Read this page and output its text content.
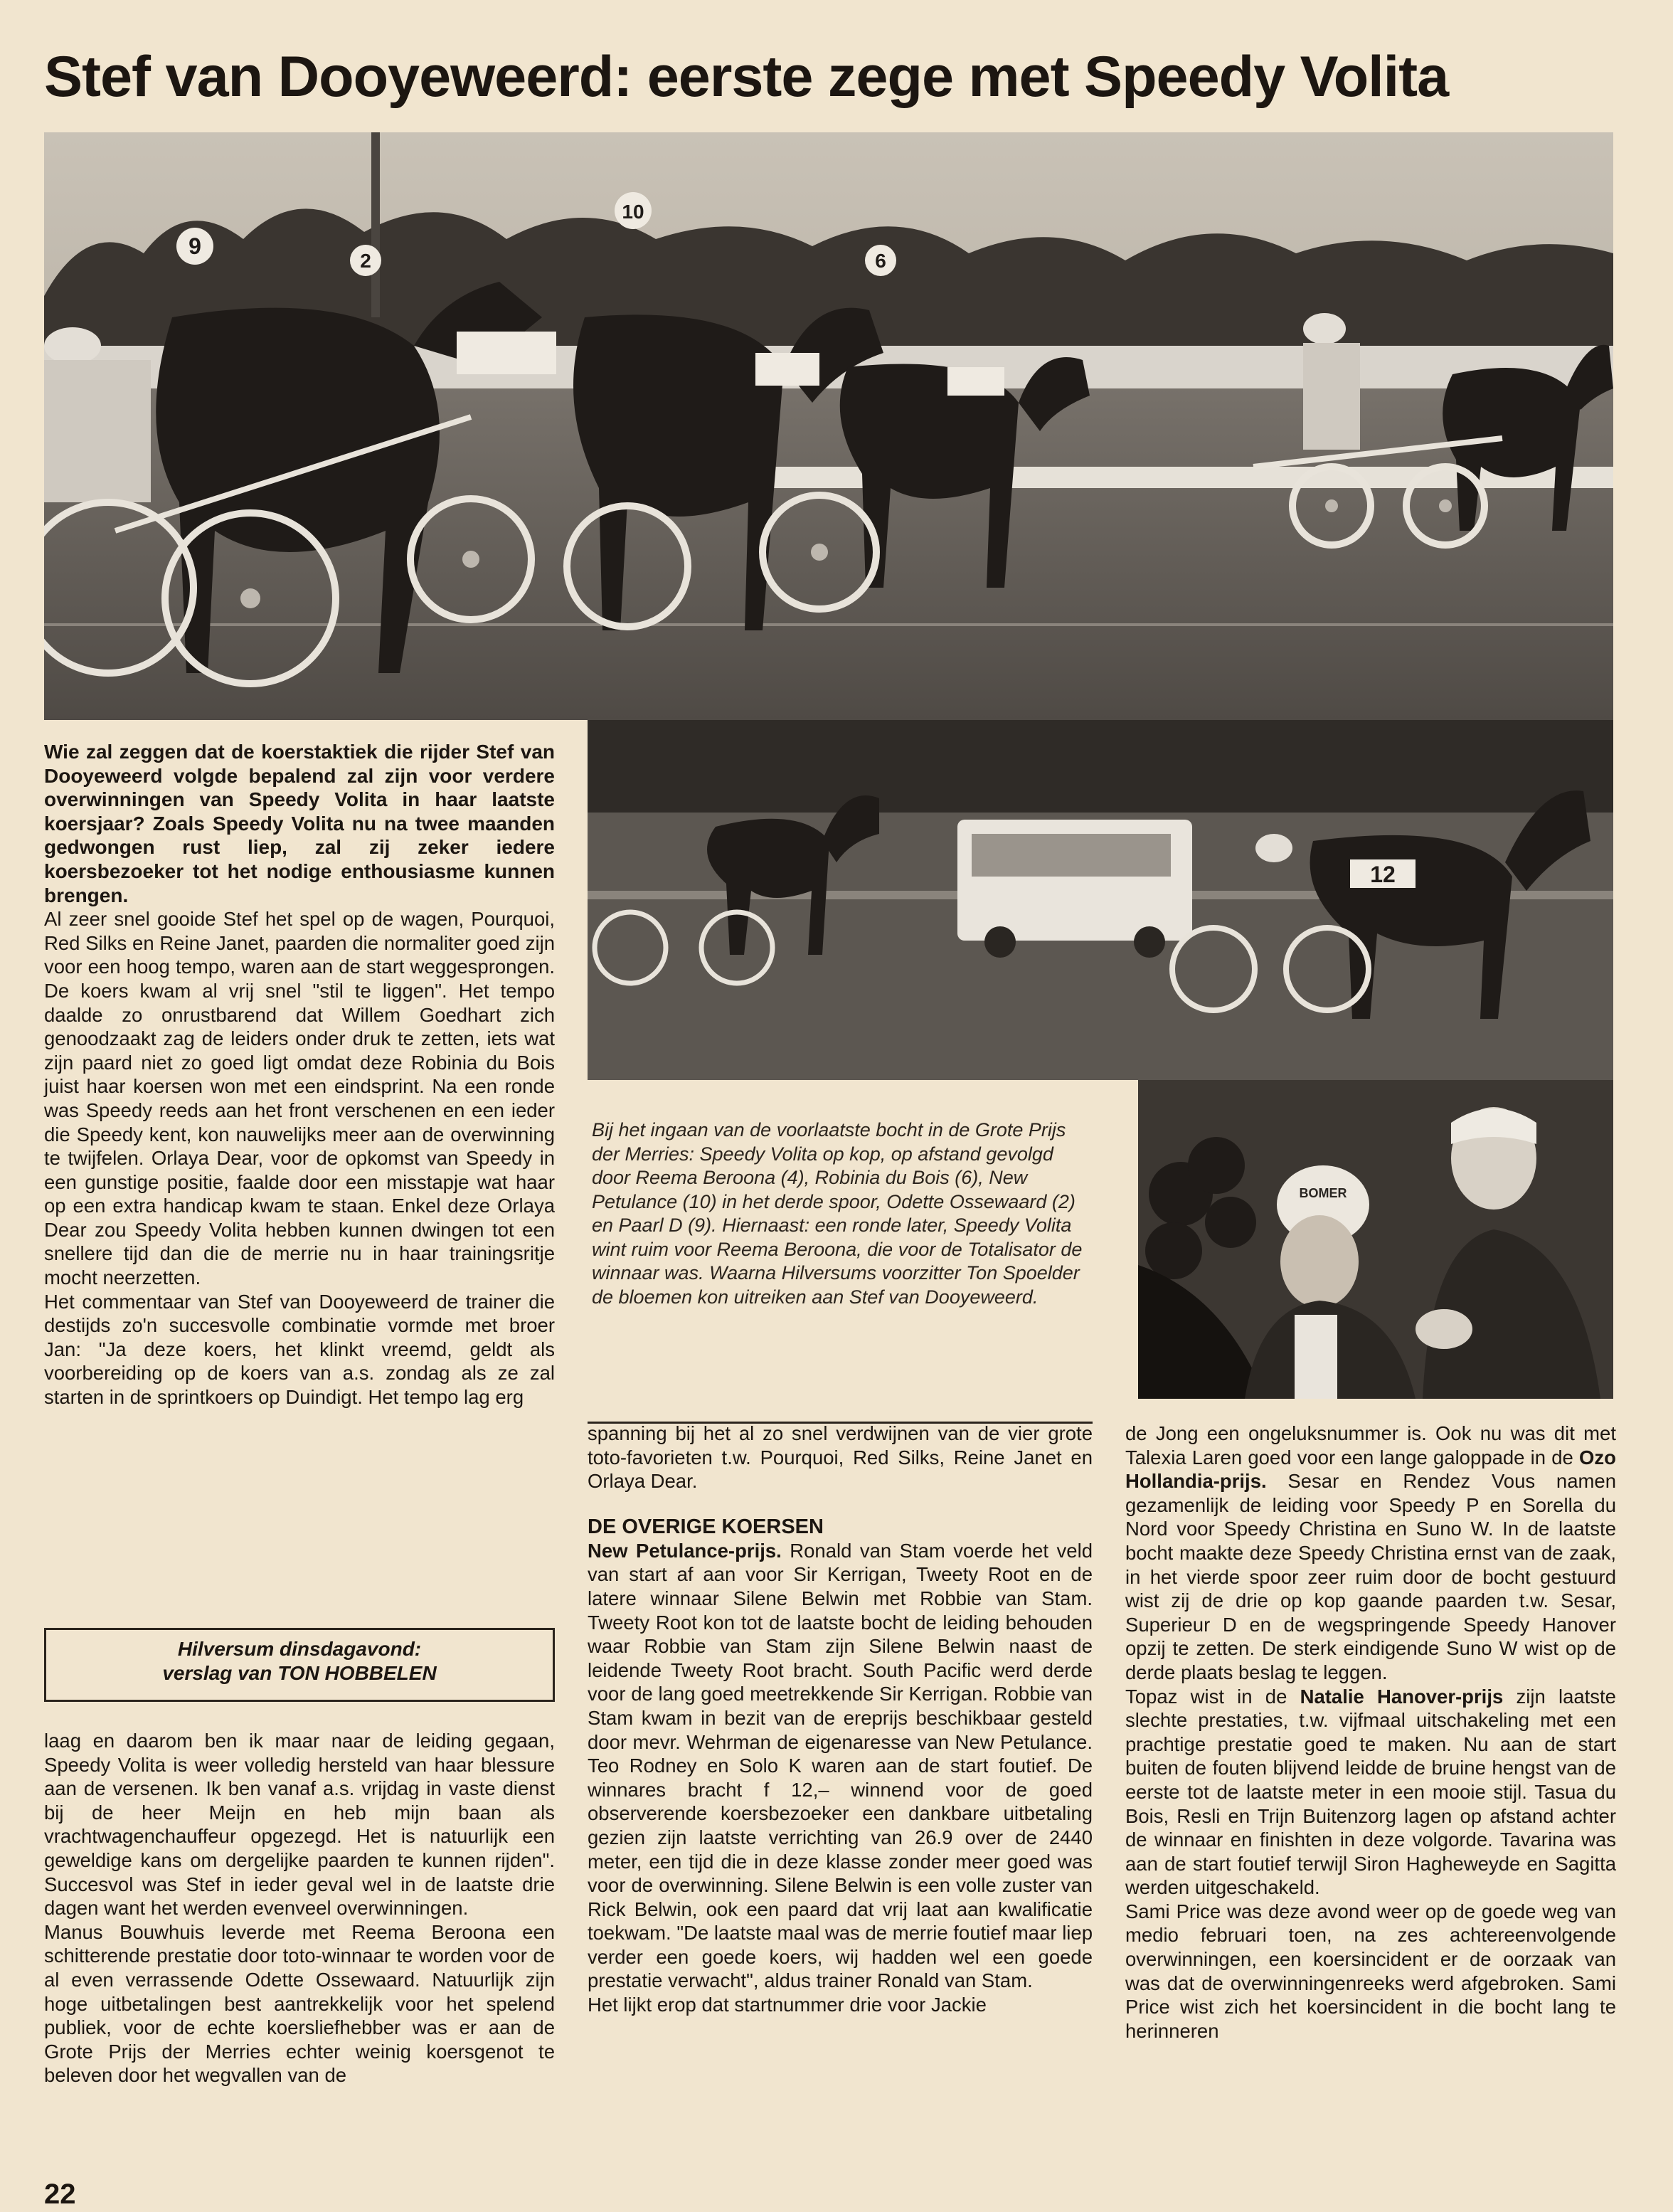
Stef van Dooyeweerd: eerste zege met Speedy Volita
9
2
10
6
12
BOMER

Wie zal zeggen dat de koerstaktiek die rijder Stef van Dooyeweerd volgde bepalend zal zijn voor verdere overwinningen van Speedy Volita in haar laatste koersjaar? Zoals Speedy Volita nu na twee maanden gedwongen rust liep, zal zij zeker iedere koersbezoeker tot het nodige enthousiasme kunnen brengen.

Al zeer snel gooide Stef het spel op de wagen, Pourquoi, Red Silks en Reine Janet, paarden die normaliter goed zijn voor een hoog tempo, waren aan de start weggesprongen. De koers kwam al vrij snel "stil te liggen". Het tempo daalde zo onrustbarend dat Willem Goedhart zich genoodzaakt zag de leiders onder druk te zetten, iets wat zijn paard niet zo goed ligt omdat deze Robinia du Bois juist haar koersen won met een eindsprint. Na een ronde was Speedy reeds aan het front verschenen en een ieder die Speedy kent, kon nauwelijks meer aan de overwinning te twijfelen. Orlaya Dear, voor de opkomst van Speedy in een gunstige positie, faalde door een misstapje wat haar op een extra handicap kwam te staan. Enkel deze Orlaya Dear zou Speedy Volita hebben kunnen dwingen tot een snellere tijd dan die de merrie nu in haar trainingsritje mocht neerzetten.

Het commentaar van Stef van Dooyeweerd de trainer die destijds zo'n succesvolle combinatie vormde met broer Jan: "Ja deze koers, het klinkt vreemd, geldt als voorbereiding op de koers van a.s. zondag als ze zal starten in de sprintkoers op Duindigt. Het tempo lag erg

Hilversum dinsdagavond:
verslag van TON HOBBELEN

laag en daarom ben ik maar naar de leiding gegaan, Speedy Volita is weer volledig hersteld van haar blessure aan de versenen. Ik ben vanaf a.s. vrijdag in vaste dienst bij de heer Meijn en heb mijn baan als vrachtwagenchauffeur opgezegd. Het is natuurlijk een geweldige kans om dergelijke paarden te kunnen rijden". Succesvol was Stef in ieder geval wel in de laatste drie dagen want het werden evenveel overwinningen.

Manus Bouwhuis leverde met Reema Beroona een schitterende prestatie door toto-winnaar te worden voor de al even verrassende Odette Ossewaard. Natuurlijk zijn hoge uitbetalingen best aantrekkelijk voor het spelend publiek, voor de echte koersliefhebber was er aan de Grote Prijs der Merries echter weinig koersgenot te beleven door het wegvallen van de

Bij het ingaan van de voorlaatste bocht in de Grote Prijs der Merries: Speedy Volita op kop, op afstand gevolgd door Reema Beroona (4), Robinia du Bois (6), New Petulance (10) in het derde spoor, Odette Ossewaard (2) en Paarl D (9). Hiernaast: een ronde later, Speedy Volita wint ruim voor Reema Beroona, die voor de Totalisator de winnaar was. Waarna Hilversums voorzitter Ton Spoelder de bloemen kon uitreiken aan Stef van Dooyeweerd.

spanning bij het al zo snel verdwijnen van de vier grote toto-favorieten t.w. Pourquoi, Red Silks, Reine Janet en Orlaya Dear.

DE OVERIGE KOERSEN

New Petulance-prijs. Ronald van Stam voerde het veld van start af aan voor Sir Kerrigan, Tweety Root en de latere winnaar Silene Belwin met Robbie van Stam. Tweety Root kon tot de laatste bocht de leiding behouden waar Robbie van Stam zijn Silene Belwin naast de leidende Tweety Root bracht. South Pacific werd derde voor de lang goed meetrekkende Sir Kerrigan. Robbie van Stam kwam in bezit van de ereprijs beschikbaar gesteld door mevr. Wehrman de eigenaresse van New Petulance. Teo Rodney en Solo K waren aan de start foutief. De winnares bracht f 12,– winnend voor de goed observerende koersbezoeker een dankbare uitbetaling gezien zijn laatste verrichting van 26.9 over de 2440 meter, een tijd die in deze klasse zonder meer goed was voor de overwinning. Silene Belwin is een volle zuster van Rick Belwin, ook een paard dat vrij laat aan kwalificatie toekwam. "De laatste maal was de merrie foutief maar liep verder een goede koers, wij hadden wel een goede prestatie verwacht", aldus trainer Ronald van Stam.

Het lijkt erop dat startnummer drie voor Jackie

de Jong een ongeluksnummer is. Ook nu was dit met Talexia Laren goed voor een lange galoppade in de Ozo Hollandia-prijs. Sesar en Rendez Vous namen gezamenlijk de leiding voor Speedy P en Sorella du Nord voor Speedy Christina en Suno W. In de laatste bocht maakte deze Speedy Christina ernst van de zaak, in het vierde spoor zeer ruim door de bocht gestuurd wist zij de drie op kop gaande paarden t.w. Sesar, Superieur D en de wegspringende Speedy Hanover opzij te zetten. De sterk eindigende Suno W wist op de derde plaats beslag te leggen.

Topaz wist in de Natalie Hanover-prijs zijn laatste slechte prestaties, t.w. vijfmaal uitschakeling met een prachtige prestatie goed te maken. Nu aan de start buiten de fouten blijvend leidde de bruine hengst van de eerste tot de laatste meter in een mooie stijl. Tasua du Bois, Resli en Trijn Buitenzorg lagen op afstand achter de winnaar en finishten in deze volgorde. Tavarina was aan de start foutief terwijl Siron Hagheweyde en Sagitta werden uitgeschakeld.

Sami Price was deze avond weer op de goede weg van medio februari toen, na zes achtereenvolgende overwinningen, een koersincident er de oorzaak van was dat de overwinningenreeks werd afgebroken. Sami Price wist zich het koersincident in die bocht lang te herinneren

22
